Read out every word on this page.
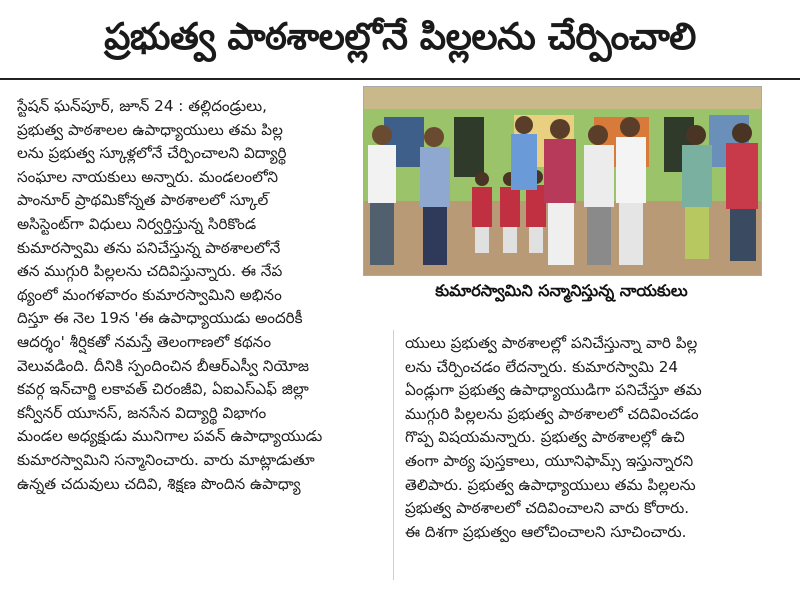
ప్రభుత్వ పాఠశాలల్లోనే పిల్లలను చేర్పించాలి

స్టేషన్ ఘన్‌పూర్, జూన్ 24 : తల్లిదండ్రులు,

ప్రభుత్వ పాఠశాలల ఉపాధ్యాయులు తమ పిల్ల

లను ప్రభుత్వ స్కూళ్లలోనే చేర్పించాలని విద్యార్థి

సంఘాల నాయకులు అన్నారు. మండలంలోని

పాంనూర్ ప్రాథమికోన్నత పాఠశాలలో స్కూల్

అసిస్టెంట్‌గా విధులు నిర్వర్తిస్తున్న సిరికొండ

కుమారస్వామి తను పనిచేస్తున్న పాఠశాలలోనే

తన ముగ్గురి పిల్లలను చదివిస్తున్నారు. ఈ నేప

థ్యంలో మంగళవారం కుమారస్వామిని అభినం

దిస్తూ ఈ నెల 19న 'ఈ ఉపాధ్యాయుడు అందరికీ

ఆదర్శం' శీర్షికతో నమస్తే తెలంగాణలో కథనం

వెలువడింది. దీనికి స్పందించిన బీఆర్‌ఎస్వీ నియోజ

కవర్గ ఇన్‌చార్జి లకావత్ చిరంజీవి, ఏఐఎస్‌ఎఫ్ జిల్లా

కన్వీనర్ యూనస్, జనసేన విద్యార్థి విభాగం

మండల అధ్యక్షుడు మునిగాల పవన్ ఉపాధ్యాయుడు

కుమారస్వామిని సన్మానించారు. వారు మాట్లాడుతూ

ఉన్నత చదువులు చదివి, శిక్షణ పొందిన ఉపాధ్యా

కుమారస్వామిని సన్మానిస్తున్న నాయకులు

యులు ప్రభుత్వ పాఠశాలల్లో పనిచేస్తున్నా వారి పిల్ల

లను చేర్పించడం లేదన్నారు. కుమారస్వామి 24

ఏండ్లుగా ప్రభుత్వ ఉపాధ్యాయుడిగా పనిచేస్తూ తమ

ముగ్గురి పిల్లలను ప్రభుత్వ పాఠశాలలో చదివించడం

గొప్ప విషయమన్నారు. ప్రభుత్వ పాఠశాలల్లో ఉచి

తంగా పాఠ్య పుస్తకాలు, యూనిఫామ్స్ ఇస్తున్నారని

తెలిపారు. ప్రభుత్వ ఉపాధ్యాయులు తమ పిల్లలను

ప్రభుత్వ పాఠశాలలో చదివించాలని వారు కోరారు.

ఈ దిశగా ప్రభుత్వం ఆలోచించాలని సూచించారు.
